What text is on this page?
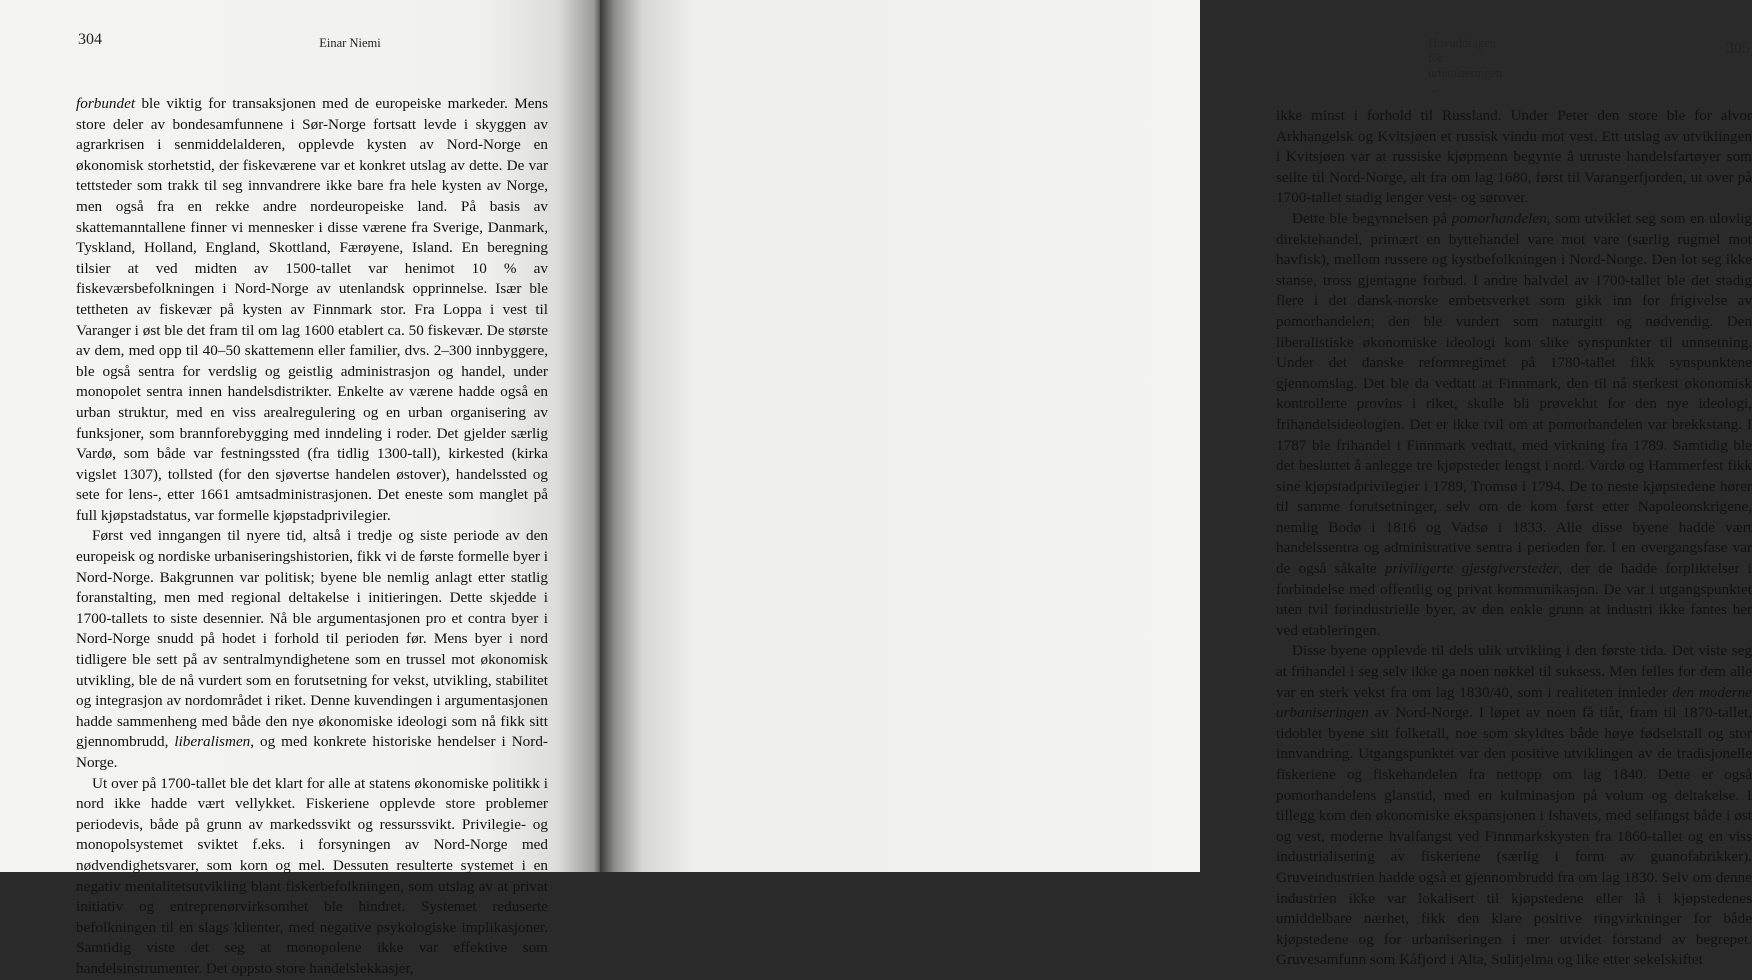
304	Einar Niemi

forbundet ble viktig for transaksjonen med de europeiske markeder. Mens store deler av bondesamfunnene i Sør-Norge fortsatt levde i skyggen av agrarkrisen i senmiddelalderen, opplevde kysten av Nord-Norge en økonomisk storhetstid, der fiskeværene var et konkret utslag av dette. De var tettsteder som trakk til seg innvandrere ikke bare fra hele kysten av Norge, men også fra en rekke andre nordeuropeiske land. På basis av skattemanntallene finner vi mennesker i disse værene fra Sverige, Danmark, Tyskland, Holland, England, Skottland, Færøyene, Island. En beregning tilsier at ved midten av 1500-tallet var henimot 10 % av fiskeværsbefolkningen i Nord-Norge av utenlandsk opprinnelse. Især ble tettheten av fiskevær på kysten av Finnmark stor. Fra Loppa i vest til Varanger i øst ble det fram til om lag 1600 etablert ca. 50 fiskevær. De største av dem, med opp til 40–50 skattemenn eller familier, dvs. 2–300 innbyggere, ble også sentra for verdslig og geistlig administrasjon og handel, under monopolet sentra innen handelsdistrikter. Enkelte av værene hadde også en urban struktur, med en viss arealregulering og en urban organisering av funksjoner, som brannforebygging med inndeling i roder. Det gjelder særlig Vardø, som både var festningssted (fra tidlig 1300-tall), kirkested (kirka vigslet 1307), tollsted (for den sjøvertse handelen østover), handelssted og sete for lens-, etter 1661 amtsadministrasjonen. Det eneste som manglet på full kjøpstadstatus, var formelle kjøpstadprivilegier.

Først ved inngangen til nyere tid, altså i tredje og siste periode av den europeisk og nordiske urbaniseringshistorien, fikk vi de første formelle byer i Nord-Norge. Bakgrunnen var politisk; byene ble nemlig anlagt etter statlig foranstalting, men med regional deltakelse i initieringen. Dette skjedde i 1700-tallets to siste desennier. Nå ble argumentasjonen pro et contra byer i Nord-Norge snudd på hodet i forhold til perioden før. Mens byer i nord tidligere ble sett på av sentralmyndighetene som en trussel mot økonomisk utvikling, ble de nå vurdert som en forutsetning for vekst, utvikling, stabilitet og integrasjon av nordområdet i riket. Denne kuvendingen i argumentasjonen hadde sammenheng med både den nye økonomiske ideologi som nå fikk sitt gjennombrudd, liberalismen, og med konkrete historiske hendelser i Nord-Norge.

Ut over på 1700-tallet ble det klart for alle at statens økonomiske politikk i nord ikke hadde vært vellykket. Fiskeriene opplevde store problemer periodevis, både på grunn av markedssvikt og ressurssvikt. Privilegie- og monopolsystemet sviktet f.eks. i forsyningen av Nord-Norge med nødvendighetsvarer, som korn og mel. Dessuten resulterte systemet i en negativ mentalitetsutvikling blant fiskerbefolkningen, som utslag av at privat initiativ og entreprenørvirksomhet ble hindret. Systemet reduserte befolkningen til en slags klienter, med negative psykologiske implikasjoner. Samtidig viste det seg at monopolene ikke var effektive som handelsinstrumenter. Det oppsto store handelslekkasjer,

Hovuddragen för urbaniseringen ...
305

ikke minst i forhold til Russland. Under Peter den store ble for alvor Arkhangelsk og Kvitsjøen et russisk vindu mot vest. Ett utslag av utviklingen i Kvitsjøen var at russiske kjøpmenn begynte å utruste handelsfartøyer som seilte til Nord-Norge, alt fra om lag 1680, først til Varangerfjorden, ut over på 1700-tallet stadig lenger vest- og sørover.

Dette ble begynnelsen på pomorhandelen, som utviklet seg som en ulovlig direktehandel, primært en byttehandel vare mot vare (særlig rugmel mot havfisk), mellom russere og kystbefolkningen i Nord-Norge. Den lot seg ikke stanse, tross gjentagne forbud. I andre halvdel av 1700-tallet ble det stadig flere i det dansk-norske embetsverket som gikk inn for frigivelse av pomorhandelen; den ble vurdert som naturgitt og nødvendig. Den liberalistiske økonomiske ideologi kom slike synspunkter til unnsetning. Under det danske reformregimet på 1780-tallet fikk synspunktene gjennomslag. Det ble da vedtatt at Finnmark, den til nå sterkest økonomisk kontrollerte provins i riket, skulle bli prøveklut for den nye ideologi, frihandelsideologien. Det er ikke tvil om at pomorhandelen var brekkstang. I 1787 ble frihandel i Finnmark vedtatt, med virkning fra 1789. Samtidig ble det besluttet å anlegge tre kjøpsteder lengst i nord. Vardø og Hammerfest fikk sine kjøpstadprivilegier i 1789, Tromsø i 1794. De to neste kjøpstedene hører til samme forutsetninger, selv om de kom først etter Napoleonskrigene, nemlig Bodø i 1816 og Vadsø i 1833. Alle disse byene hadde vært handelssentra og administrative sentra i perioden før. I en overgangsfase var de også såkalte priviligerte gjestgiversteder, der de hadde forpliktelser i forbindelse med offentlig og privat kommunikasjon. De var i utgangspunktet uten tvil førindustrielle byer, av den enkle grunn at industri ikke fantes her ved etableringen.

Disse byene opplevde til dels ulik utvikling i den første tida. Det viste seg at frihandel i seg selv ikke ga noen nøkkel til suksess. Men felles for dem alle var en sterk vekst fra om lag 1830/40, som i realiteten innleder den moderne urbaniseringen av Nord-Norge. I løpet av noen få tiår, fram til 1870-tallet, tidoblet byene sitt folketall, noe som skyldtes både høye fødselstall og stor innvandring. Utgangspunktet var den positive utviklingen av de tradisjonelle fiskeriene og fiskehandelen fra nettopp om lag 1840. Dette er også pomorhandelens glanstid, med en kulminasjon på volum og deltakelse. I tillegg kom den økonomiske ekspansjonen i Ishavets, med selfangst både i øst og vest, moderne hvalfangst ved Finnmarkskysten fra 1860-tallet og en viss industrialisering av fiskeriene (særlig i form av guanofabrikker). Gruveindustrien hadde også et gjennombrudd fra om lag 1830. Selv om denne industrien ikke var lokalisert til kjøpstedene eller lå i kjøpstedenes umiddelbare nærhet, fikk den klare positive ringvirkninger for både kjøpstedene og for urbaniseringen i mer utvidet forstand av begrepet. Gruvesamfunn som Kåfjord i Alta, Sulitjelma og like etter sekelskiftet
